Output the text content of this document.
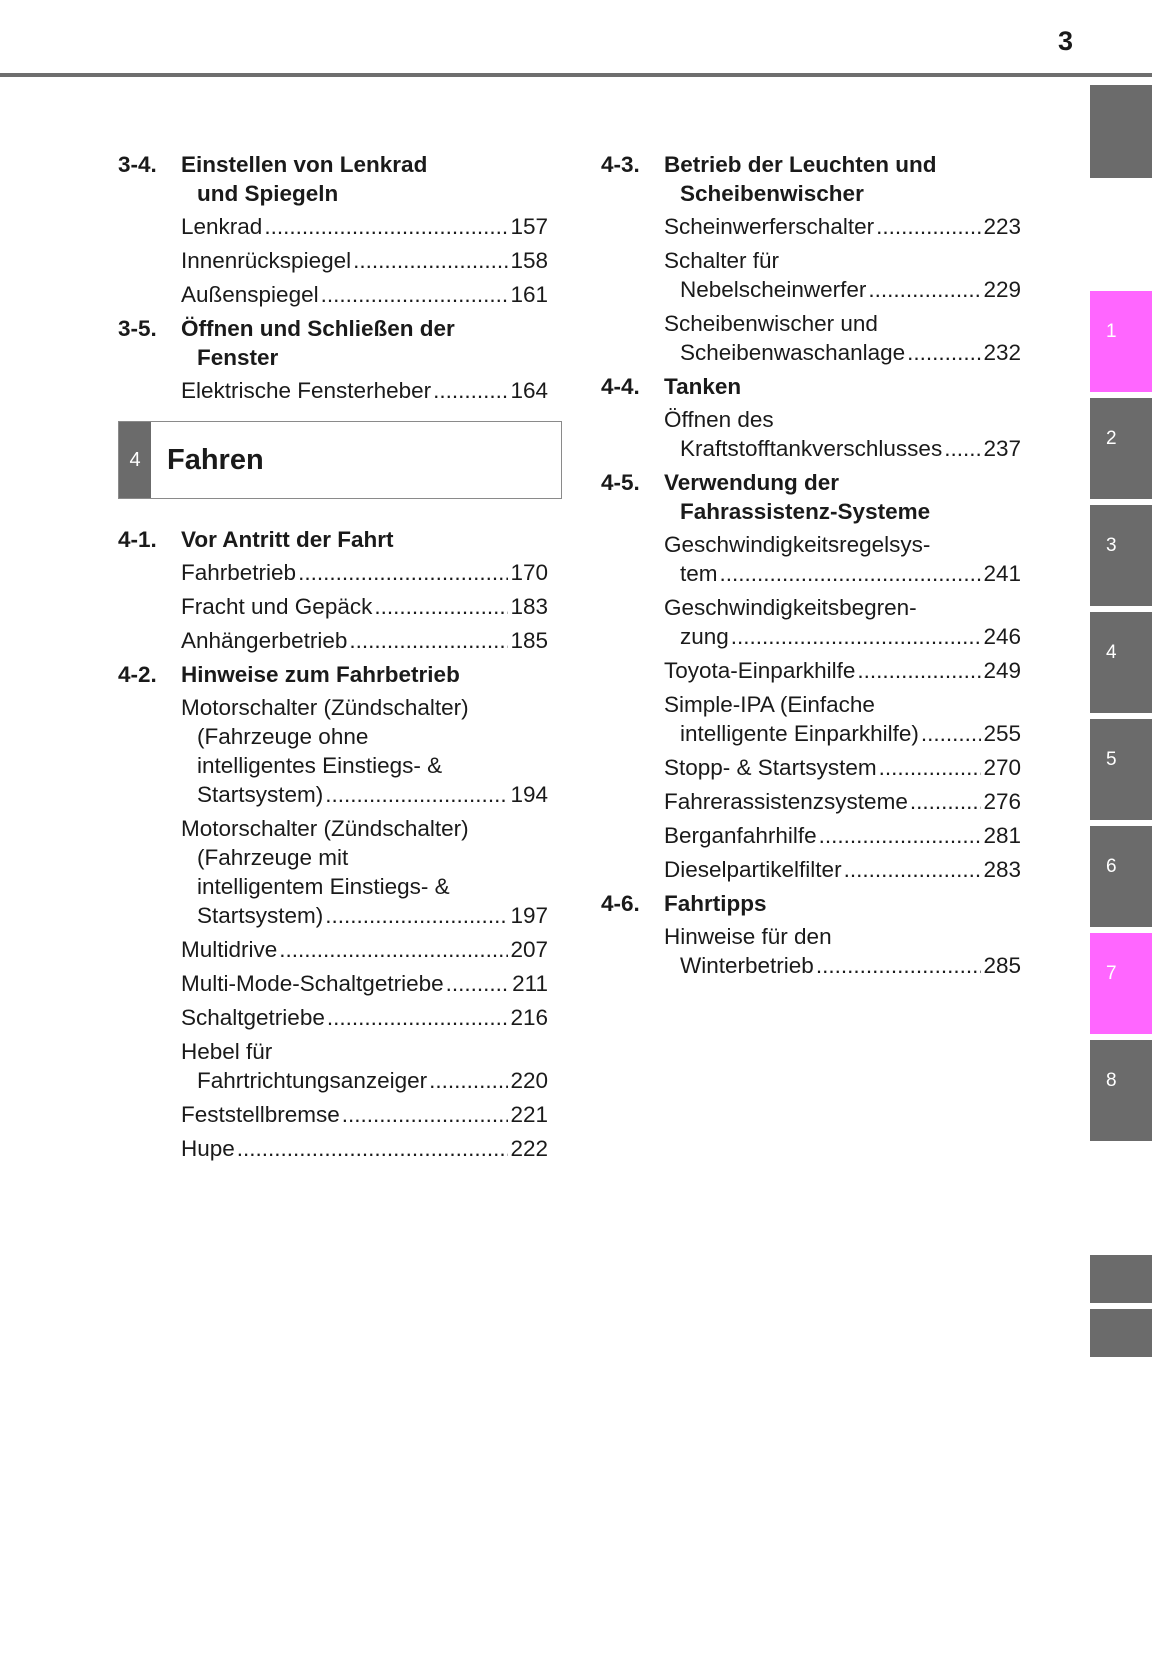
3
3-4.	Einstellen von Lenkrad
und Spiegeln
Lenkrad .....	157
Innenrückspiegel .....	158
Außenspiegel .....	161
3-5.	Öffnen und Schließen der
Fenster
Elektrische Fensterheber .....	164
4 Fahren
4-1.	Vor Antritt der Fahrt
Fahrbetrieb .....	170
Fracht und Gepäck .....	183
Anhängerbetrieb .....	185
4-2.	Hinweise zum Fahrbetrieb
Motorschalter (Zündschalter)
(Fahrzeuge ohne
intelligentes Einstiegs- &
Startsystem) .....	194
Motorschalter (Zündschalter)
(Fahrzeuge mit
intelligentem Einstiegs- &
Startsystem) .....	197
Multidrive .....	207
Multi-Mode-Schaltgetriebe .....	211
Schaltgetriebe .....	216
Hebel für
Fahrtrichtungsanzeiger .....	220
Feststellbremse .....	221
Hupe .....	222
4-3.	Betrieb der Leuchten und
Scheibenwischer
Scheinwerferschalter .....	223
Schalter für
Nebelscheinwerfer .....	229
Scheibenwischer und
Scheibenwaschanlage .....	232
4-4.	Tanken
Öffnen des
Kraftstofftankverschlusses ..... 237
4-5.	Verwendung der
Fahrassistenz-Systeme
Geschwindigkeitsregelsys-
tem .....	241
Geschwindigkeitsbegren-
zung .....	246
Toyota-Einparkhilfe .....	249
Simple-IPA (Einfache
intelligente Einparkhilfe) .....	255
Stopp- & Startsystem .....	270
Fahrerassistenzsysteme .....	276
Berganfahrhilfe .....	281
Dieselpartikelfilter .....	283
4-6.	Fahrtipps
Hinweise für den
Winterbetrieb .....	285
1
2
3
4
5
6
7
8
